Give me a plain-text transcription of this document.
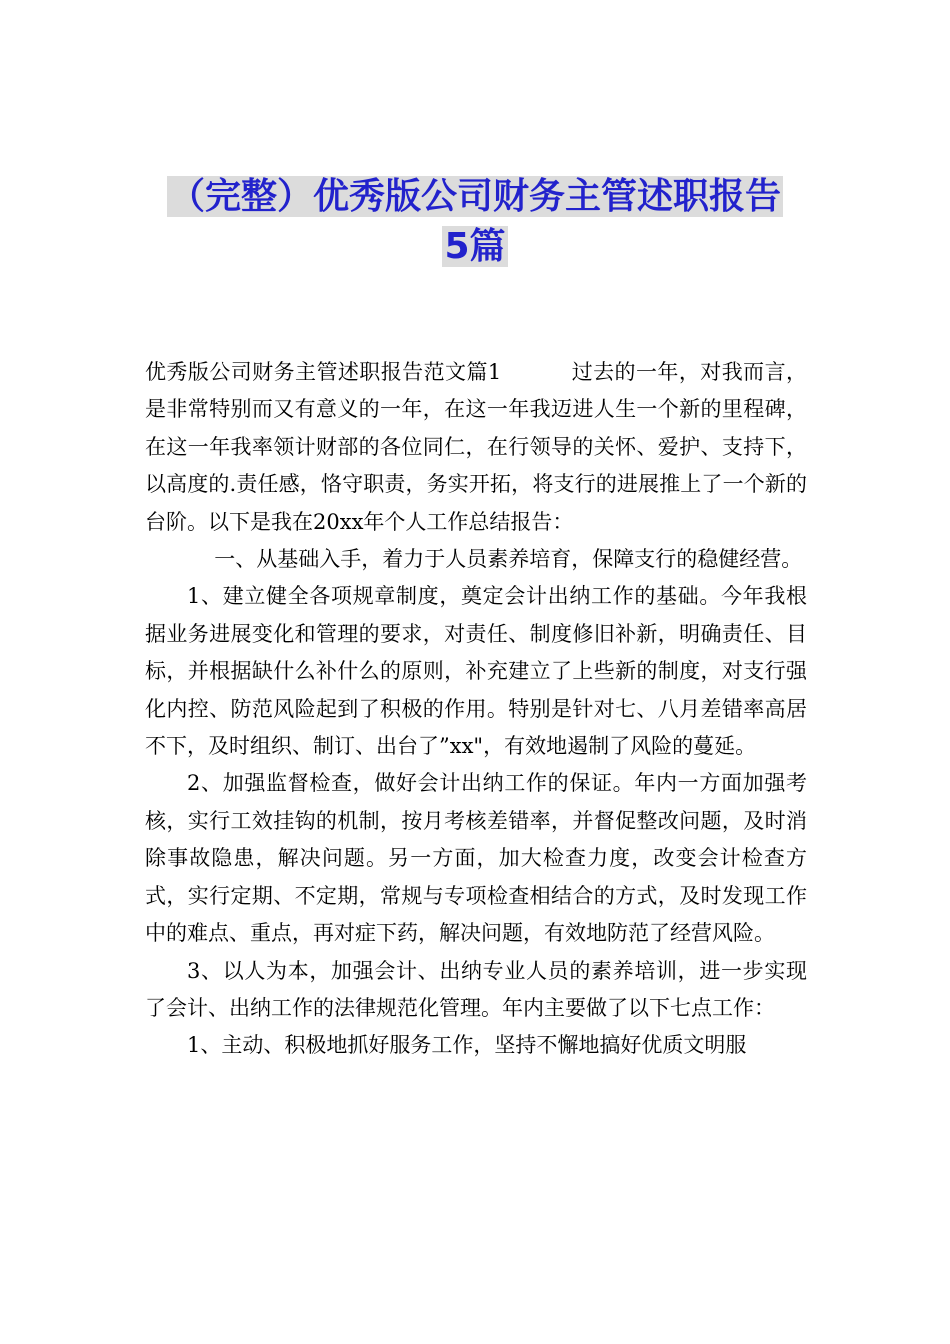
（完整）优秀版公司财务主管述职报告
5篇

优秀版公司财务主管述职报告范文篇1	过去的一年，对我而言，是非常特别而又有意义的一年，在这一年我迈进人生一个新的里程碑，在这一年我率领计财部的各位同仁，在行领导的关怀、爱护、支持下，以高度的.责任感，恪守职责，务实开拓，将支行的进展推上了一个新的台阶。以下是我在20xx年个人工作总结报告：

一、从基础入手，着力于人员素养培育，保障支行的稳健经营。

1、建立健全各项规章制度，奠定会计出纳工作的基础。今年我根据业务进展变化和管理的要求，对责任、制度修旧补新，明确责任、目标，并根据缺什么补什么的原则，补充建立了上些新的制度，对支行强化内控、防范风险起到了积极的作用。特别是针对七、八月差错率高居不下，及时组织、制订、出台了”xx"，有效地遏制了风险的蔓延。

2、加强监督检查，做好会计出纳工作的保证。年内一方面加强考核，实行工效挂钩的机制，按月考核差错率，并督促整改问题，及时消除事故隐患，解决问题。另一方面，加大检查力度，改变会计检查方式，实行定期、不定期，常规与专项检查相结合的方式，及时发现工作中的难点、重点，再对症下药，解决问题，有效地防范了经营风险。

3、以人为本，加强会计、出纳专业人员的素养培训，进一步实现了会计、出纳工作的法律规范化管理。年内主要做了以下七点工作：

1、主动、积极地抓好服务工作，坚持不懈地搞好优质文明服
